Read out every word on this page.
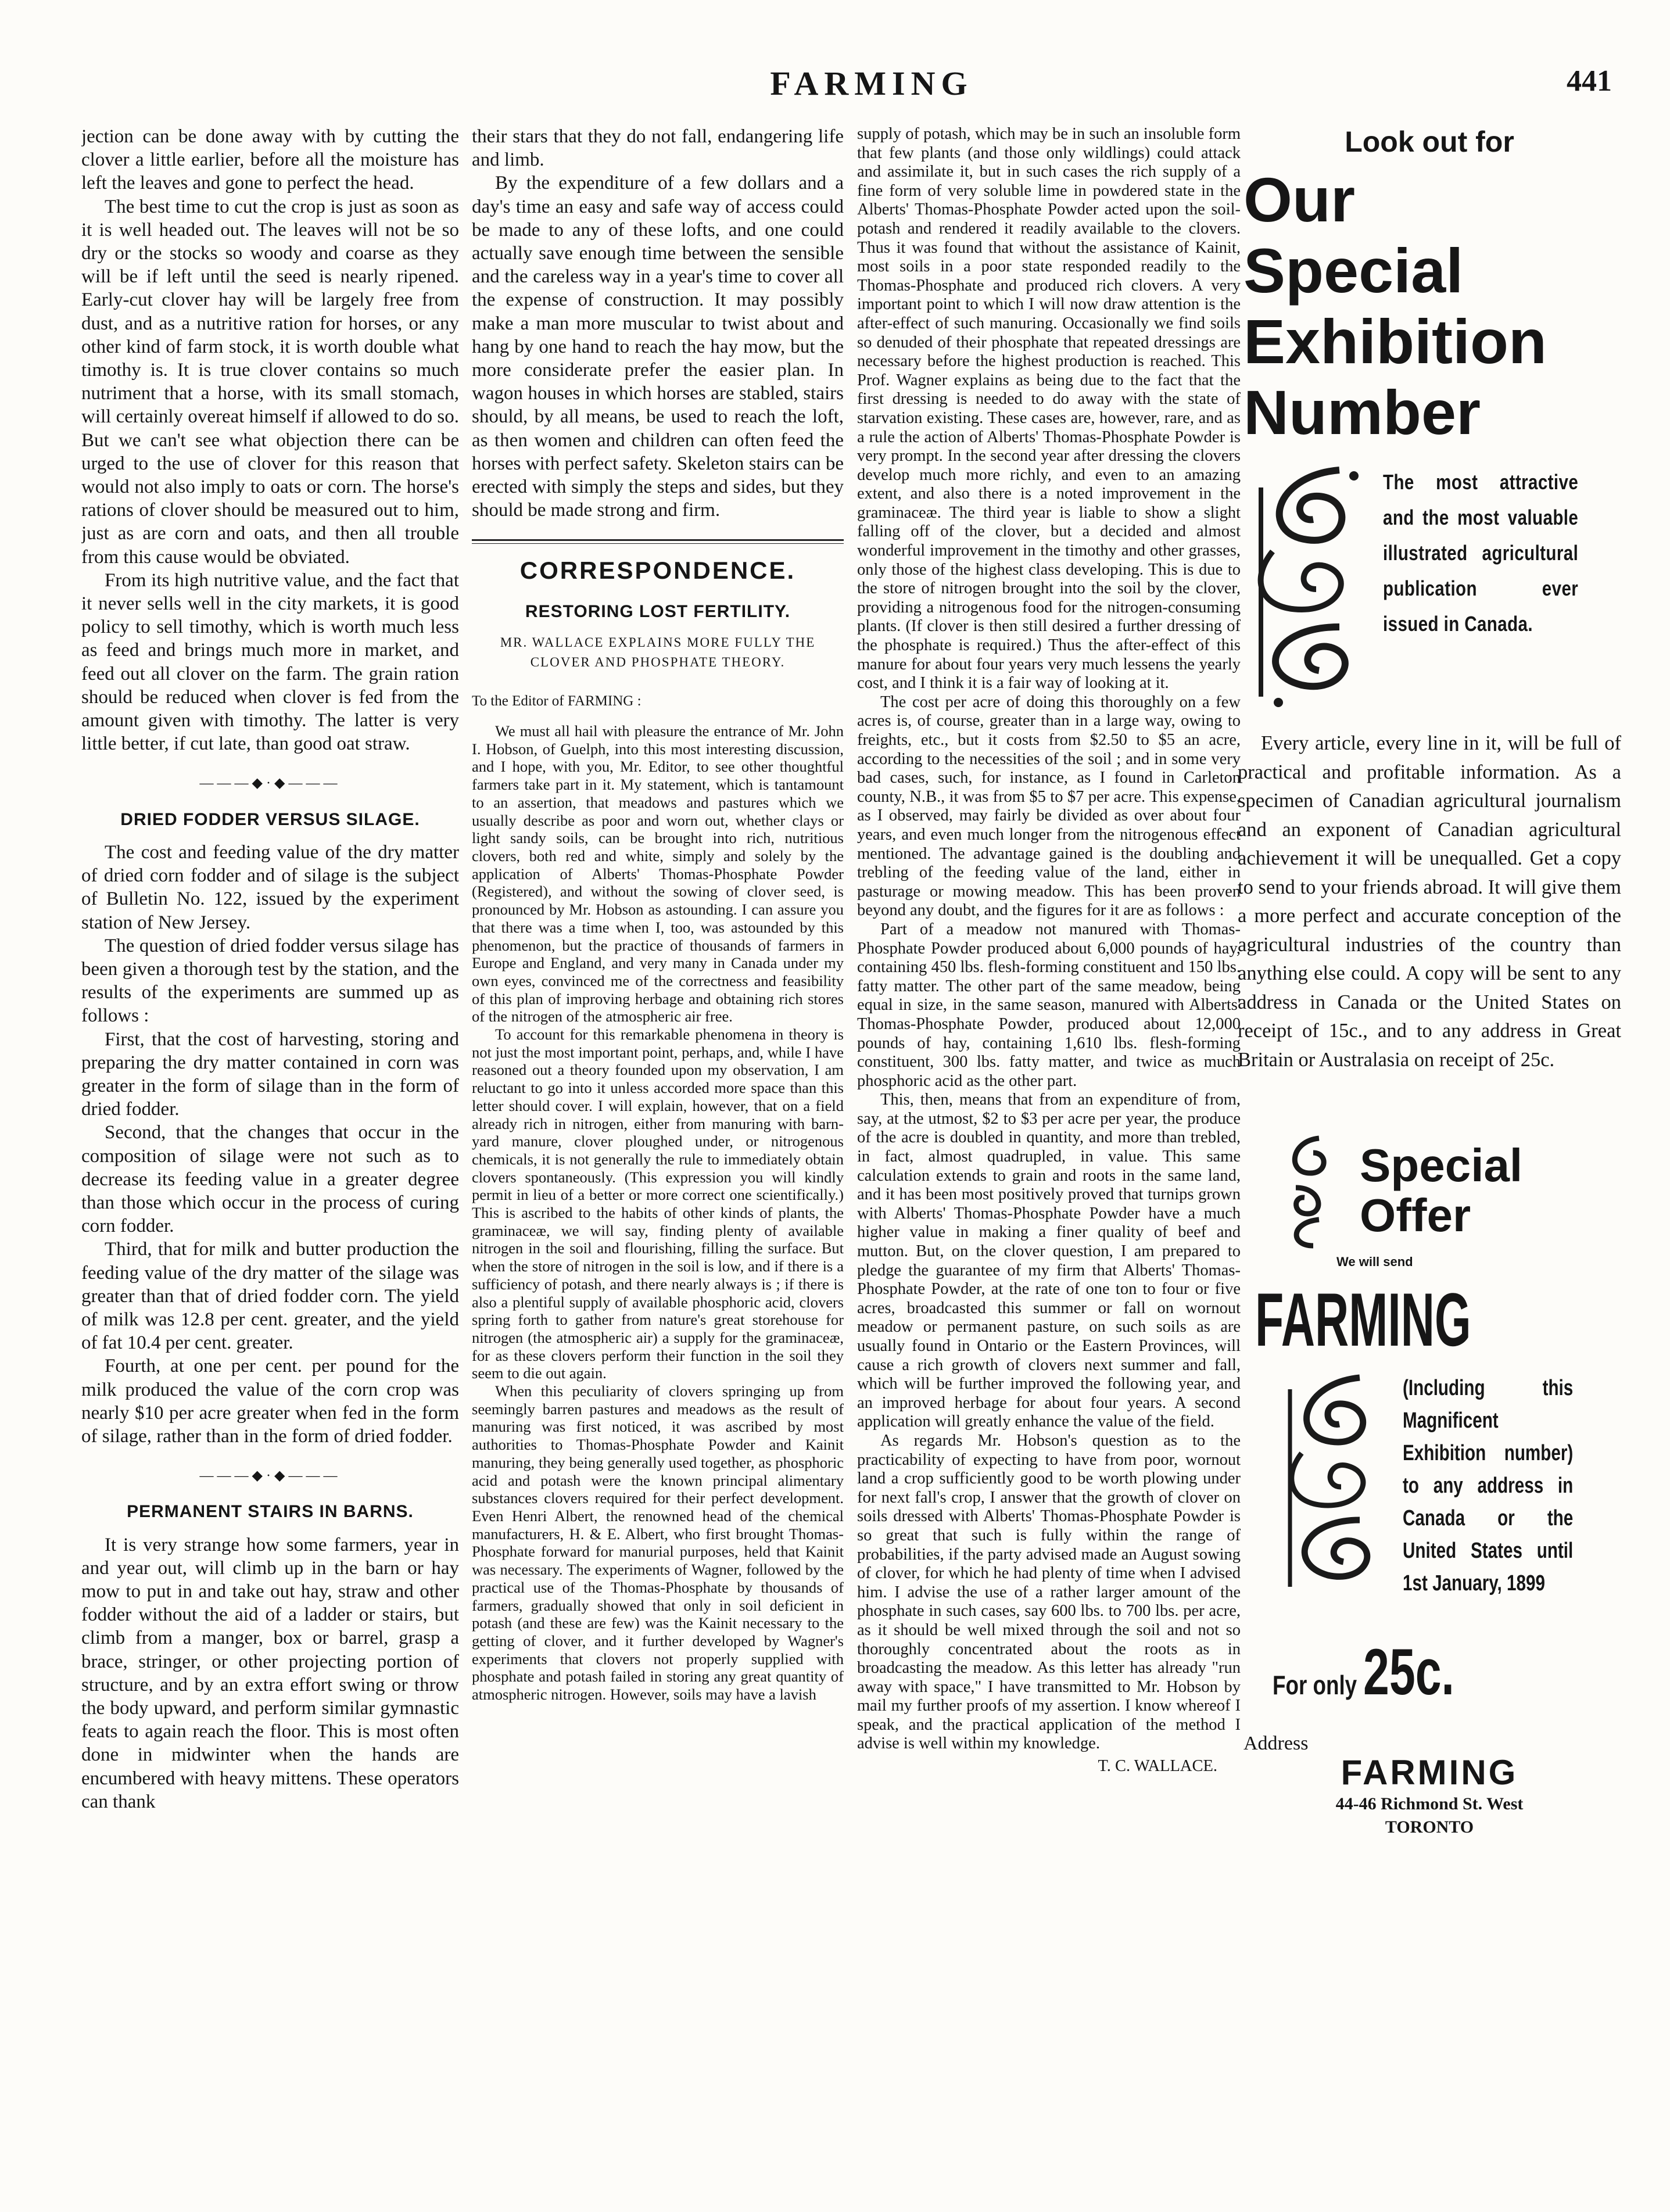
FARMING	441

jection can be done away with by cutting the clover a little earlier, before all the moisture has left the leaves and gone to perfect the head.

The best time to cut the crop is just as soon as it is well headed out. The leaves will not be so dry or the stocks so woody and coarse as they will be if left until the seed is nearly ripened. Early-cut clover hay will be largely free from dust, and as a nutritive ration for horses, or any other kind of farm stock, it is worth double what timothy is. It is true clover contains so much nutriment that a horse, with its small stomach, will certainly overeat himself if allowed to do so. But we can't see what objection there can be urged to the use of clover for this reason that would not also imply to oats or corn. The horse's rations of clover should be measured out to him, just as are corn and oats, and then all trouble from this cause would be obviated.

From its high nutritive value, and the fact that it never sells well in the city markets, it is good policy to sell timothy, which is worth much less as feed and brings much more in market, and feed out all clover on the farm. The grain ration should be reduced when clover is fed from the amount given with timothy. The latter is very little better, if cut late, than good oat straw.

———◆·◆———

DRIED FODDER VERSUS SILAGE.

The cost and feeding value of the dry matter of dried corn fodder and of silage is the subject of Bulletin No. 122, issued by the experiment station of New Jersey.

The question of dried fodder versus silage has been given a thorough test by the station, and the results of the experiments are summed up as follows :

First, that the cost of harvesting, storing and preparing the dry matter contained in corn was greater in the form of silage than in the form of dried fodder.

Second, that the changes that occur in the composition of silage were not such as to decrease its feeding value in a greater degree than those which occur in the process of curing corn fodder.

Third, that for milk and butter production the feeding value of the dry matter of the silage was greater than that of dried fodder corn. The yield of milk was 12.8 per cent. greater, and the yield of fat 10.4 per cent. greater.

Fourth, at one per cent. per pound for the milk produced the value of the corn crop was nearly $10 per acre greater when fed in the form of silage, rather than in the form of dried fodder.

———◆·◆———

PERMANENT STAIRS IN BARNS.

It is very strange how some farmers, year in and year out, will climb up in the barn or hay mow to put in and take out hay, straw and other fodder without the aid of a ladder or stairs, but climb from a manger, box or barrel, grasp a brace, stringer, or other projecting portion of structure, and by an extra effort swing or throw the body upward, and perform similar gymnastic feats to again reach the floor. This is most often done in midwinter when the hands are encumbered with heavy mittens. These operators can thank

their stars that they do not fall, endangering life and limb.

By the expenditure of a few dollars and a day's time an easy and safe way of access could be made to any of these lofts, and one could actually save enough time between the sensible and the careless way in a year's time to cover all the expense of construction. It may possibly make a man more muscular to twist about and hang by one hand to reach the hay mow, but the more considerate prefer the easier plan. In wagon houses in which horses are stabled, stairs should, by all means, be used to reach the loft, as then women and children can often feed the horses with perfect safety. Skeleton stairs can be erected with simply the steps and sides, but they should be made strong and firm.

CORRESPONDENCE.

RESTORING LOST FERTILITY.

MR. WALLACE EXPLAINS MORE FULLY THE CLOVER AND PHOSPHATE THEORY.

To the Editor of FARMING :

We must all hail with pleasure the entrance of Mr. John I. Hobson, of Guelph, into this most interesting discussion, and I hope, with you, Mr. Editor, to see other thoughtful farmers take part in it. My statement, which is tantamount to an assertion, that meadows and pastures which we usually describe as poor and worn out, whether clays or light sandy soils, can be brought into rich, nutritious clovers, both red and white, simply and solely by the application of Alberts' Thomas-Phosphate Powder (Registered), and without the sowing of clover seed, is pronounced by Mr. Hobson as astounding. I can assure you that there was a time when I, too, was astounded by this phenomenon, but the practice of thousands of farmers in Europe and England, and very many in Canada under my own eyes, convinced me of the correctness and feasibility of this plan of improving herbage and obtaining rich stores of the nitrogen of the atmospheric air free.

To account for this remarkable phenomena in theory is not just the most important point, perhaps, and, while I have reasoned out a theory founded upon my observation, I am reluctant to go into it unless accorded more space than this letter should cover. I will explain, however, that on a field already rich in nitrogen, either from manuring with barn-yard manure, clover ploughed under, or nitrogenous chemicals, it is not generally the rule to immediately obtain clovers spontaneously. (This expression you will kindly permit in lieu of a better or more correct one scientifically.) This is ascribed to the habits of other kinds of plants, the graminaceæ, we will say, finding plenty of available nitrogen in the soil and flourishing, filling the surface. But when the store of nitrogen in the soil is low, and if there is a sufficiency of potash, and there nearly always is ; if there is also a plentiful supply of available phosphoric acid, clovers spring forth to gather from nature's great storehouse for nitrogen (the atmospheric air) a supply for the graminaceæ, for as these clovers perform their function in the soil they seem to die out again.

When this peculiarity of clovers springing up from seemingly barren pastures and meadows as the result of manuring was first noticed, it was ascribed by most authorities to Thomas-Phosphate Powder and Kainit manuring, they being generally used together, as phosphoric acid and potash were the known principal alimentary substances clovers required for their perfect development. Even Henri Albert, the renowned head of the chemical manufacturers, H. & E. Albert, who first brought Thomas-Phosphate forward for manurial purposes, held that Kainit was necessary. The experiments of Wagner, followed by the practical use of the Thomas-Phosphate by thousands of farmers, gradually showed that only in soil deficient in potash (and these are few) was the Kainit necessary to the getting of clover, and it further developed by Wagner's experiments that clovers not properly supplied with phosphate and potash failed in storing any great quantity of atmospheric nitrogen. However, soils may have a lavish

supply of potash, which may be in such an insoluble form that few plants (and those only wildlings) could attack and assimilate it, but in such cases the rich supply of a fine form of very soluble lime in powdered state in the Alberts' Thomas-Phosphate Powder acted upon the soil-potash and rendered it readily available to the clovers. Thus it was found that without the assistance of Kainit, most soils in a poor state responded readily to the Thomas-Phosphate and produced rich clovers. A very important point to which I will now draw attention is the after-effect of such manuring. Occasionally we find soils so denuded of their phosphate that repeated dressings are necessary before the highest production is reached. This Prof. Wagner explains as being due to the fact that the first dressing is needed to do away with the state of starvation existing. These cases are, however, rare, and as a rule the action of Alberts' Thomas-Phosphate Powder is very prompt. In the second year after dressing the clovers develop much more richly, and even to an amazing extent, and also there is a noted improvement in the graminaceæ. The third year is liable to show a slight falling off of the clover, but a decided and almost wonderful improvement in the timothy and other grasses, only those of the highest class developing. This is due to the store of nitrogen brought into the soil by the clover, providing a nitrogenous food for the nitrogen-consuming plants. (If clover is then still desired a further dressing of the phosphate is required.) Thus the after-effect of this manure for about four years very much lessens the yearly cost, and I think it is a fair way of looking at it.

The cost per acre of doing this thoroughly on a few acres is, of course, greater than in a large way, owing to freights, etc., but it costs from $2.50 to $5 an acre, according to the necessities of the soil ; and in some very bad cases, such, for instance, as I found in Carleton county, N.B., it was from $5 to $7 per acre. This expense, as I observed, may fairly be divided as over about four years, and even much longer from the nitrogenous effect mentioned. The advantage gained is the doubling and trebling of the feeding value of the land, either in pasturage or mowing meadow. This has been proven beyond any doubt, and the figures for it are as follows :

Part of a meadow not manured with Thomas-Phosphate Powder produced about 6,000 pounds of hay, containing 450 lbs. flesh-forming constituent and 150 lbs. fatty matter. The other part of the same meadow, being equal in size, in the same season, manured with Alberts' Thomas-Phosphate Powder, produced about 12,000 pounds of hay, containing 1,610 lbs. flesh-forming constituent, 300 lbs. fatty matter, and twice as much phosphoric acid as the other part.

This, then, means that from an expenditure of from, say, at the utmost, $2 to $3 per acre per year, the produce of the acre is doubled in quantity, and more than trebled, in fact, almost quadrupled, in value. This same calculation extends to grain and roots in the same land, and it has been most positively proved that turnips grown with Alberts' Thomas-Phosphate Powder have a much higher value in making a finer quality of beef and mutton. But, on the clover question, I am prepared to pledge the guarantee of my firm that Alberts' Thomas-Phosphate Powder, at the rate of one ton to four or five acres, broadcasted this summer or fall on wornout meadow or permanent pasture, on such soils as are usually found in Ontario or the Eastern Provinces, will cause a rich growth of clovers next summer and fall, which will be further improved the following year, and an improved herbage for about four years. A second application will greatly enhance the value of the field.

As regards Mr. Hobson's question as to the practicability of expecting to have from poor, wornout land a crop sufficiently good to be worth plowing under for next fall's crop, I answer that the growth of clover on soils dressed with Alberts' Thomas-Phosphate Powder is so great that such is fully within the range of probabilities, if the party advised made an August sowing of clover, for which he had plenty of time when I advised him. I advise the use of a rather larger amount of the phosphate in such cases, say 600 lbs. to 700 lbs. per acre, as it should be well mixed through the soil and not so thoroughly concentrated about the roots as in broadcasting the meadow. As this letter has already "run away with space," I have transmitted to Mr. Hobson by mail my further proofs of my assertion. I know whereof I speak, and the practical application of the method I advise is well within my knowledge.

T. C. WALLACE.

Look out for
Our
Special
Exhibition
Number
The most attractive and the most valuable illustrated agricultural publication ever issued in Canada.

Every article, every line in it, will be full of practical and profitable information. As a specimen of Canadian agricultural journalism and an exponent of Canadian agricultural achievement it will be unequalled. Get a copy to send to your friends abroad. It will give them a more perfect and accurate conception of the agricultural industries of the country than anything else could. A copy will be sent to any address in Canada or the United States on receipt of 15c., and to any address in Great Britain or Australasia on receipt of 25c.

Special
Offer
We will send
FARMING
(Including this Magnificent Exhibition number) to any address in Canada or the United States until 1st January, 1899
For only 25c.
Address
FARMING
44-46 Richmond St. West
TORONTO
